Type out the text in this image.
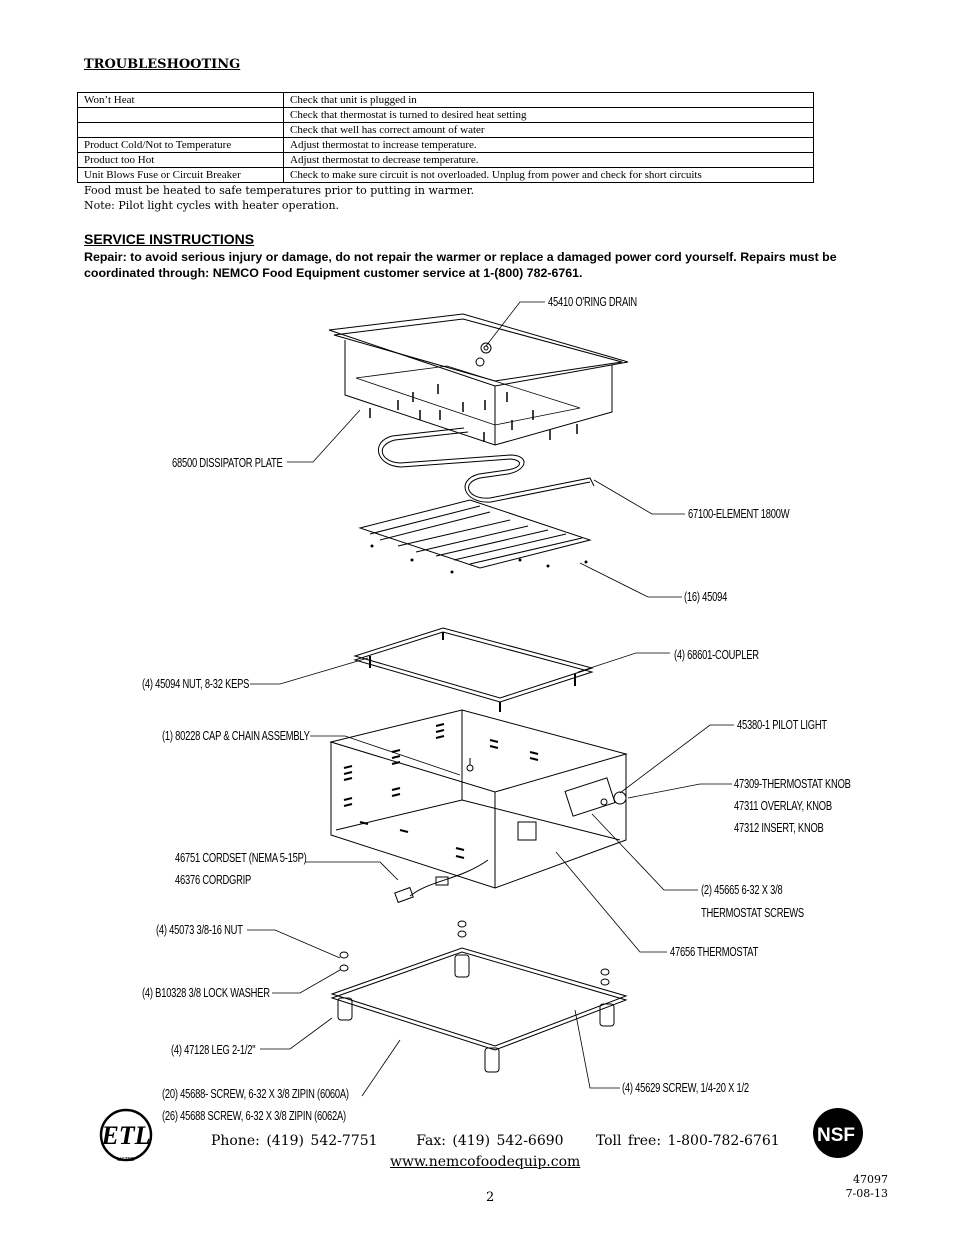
TROUBLESHOOTING
Won’t Heat	Check that unit is plugged in
	Check that thermostat is turned to desired heat setting
	Check that well has correct amount of water
Product Cold/Not to Temperature	Adjust thermostat to increase temperature.
Product too Hot	Adjust thermostat to decrease temperature.
Unit Blows Fuse or Circuit Breaker	Check to make sure circuit is not overloaded. Unplug from power and check for short circuits
Food must be heated to safe temperatures prior to putting in warmer.
Note: Pilot light cycles with heater operation.
SERVICE INSTRUCTIONS
Repair: to avoid serious injury or damage, do not repair the warmer or replace a damaged power cord yourself. Repairs must be coordinated through: NEMCO Food Equipment customer service at 1-(800) 782-6761.
ETL
LISTED
NSF
45410 O'RING DRAIN
68500 DISSIPATOR PLATE
67100-ELEMENT 1800W
(16) 45094
(4) 68601-COUPLER
(4) 45094 NUT, 8-32 KEPS
(1) 80228 CAP & CHAIN ASSEMBLY
45380-1 PILOT LIGHT
47309-THERMOSTAT KNOB
47311 OVERLAY, KNOB
47312 INSERT, KNOB
46751 CORDSET (NEMA 5-15P)
46376 CORDGRIP
(2) 45665 6-32 X 3/8
THERMOSTAT SCREWS
(4) 45073 3/8-16 NUT
47656 THERMOSTAT
(4) B10328 3/8 LOCK WASHER
(4) 47128 LEG 2-1/2"
(20) 45688- SCREW, 6-32 X 3/8 ZIPIN (6060A)
(26) 45688 SCREW, 6-32 X 3/8 ZIPIN (6062A)
(4) 45629 SCREW, 1/4-20 X 1/2
Phone: (419) 542-7751      Fax: (419) 542-6690     Toll free: 1-800-782-6761
www.nemcofoodequip.com
2
47097
7-08-13
